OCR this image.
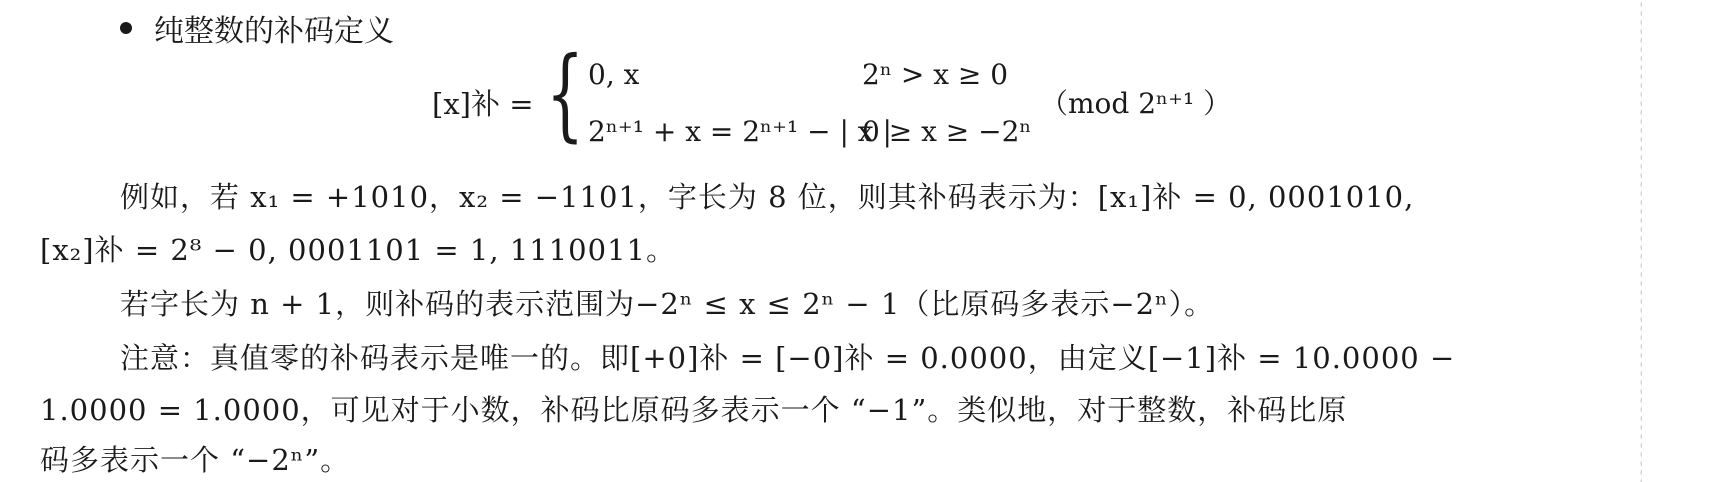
纯整数的补码定义
[x]补 = { 0, x	2ⁿ > x ≥ 0
2ⁿ⁺¹ + x = 2ⁿ⁺¹ − | x |
0 ≥ x ≥ −2ⁿ
（mod 2ⁿ⁺¹ ）
例如，若 x₁ = +1010，x₂ = −1101，字长为 8 位，则其补码表示为：[x₁]补 = 0, 0001010,
[x₂]补 = 2⁸ − 0, 0001101 = 1, 1110011。
若字长为 n + 1，则补码的表示范围为−2ⁿ ≤ x ≤ 2ⁿ − 1（比原码多表示−2ⁿ）。
注意：真值零的补码表示是唯一的。即[+0]补 = [−0]补 = 0.0000，由定义[−1]补 = 10.0000 −
1.0000 = 1.0000，可见对于小数，补码比原码多表示一个 “−1”。类似地，对于整数，补码比原
码多表示一个 “−2ⁿ”。
